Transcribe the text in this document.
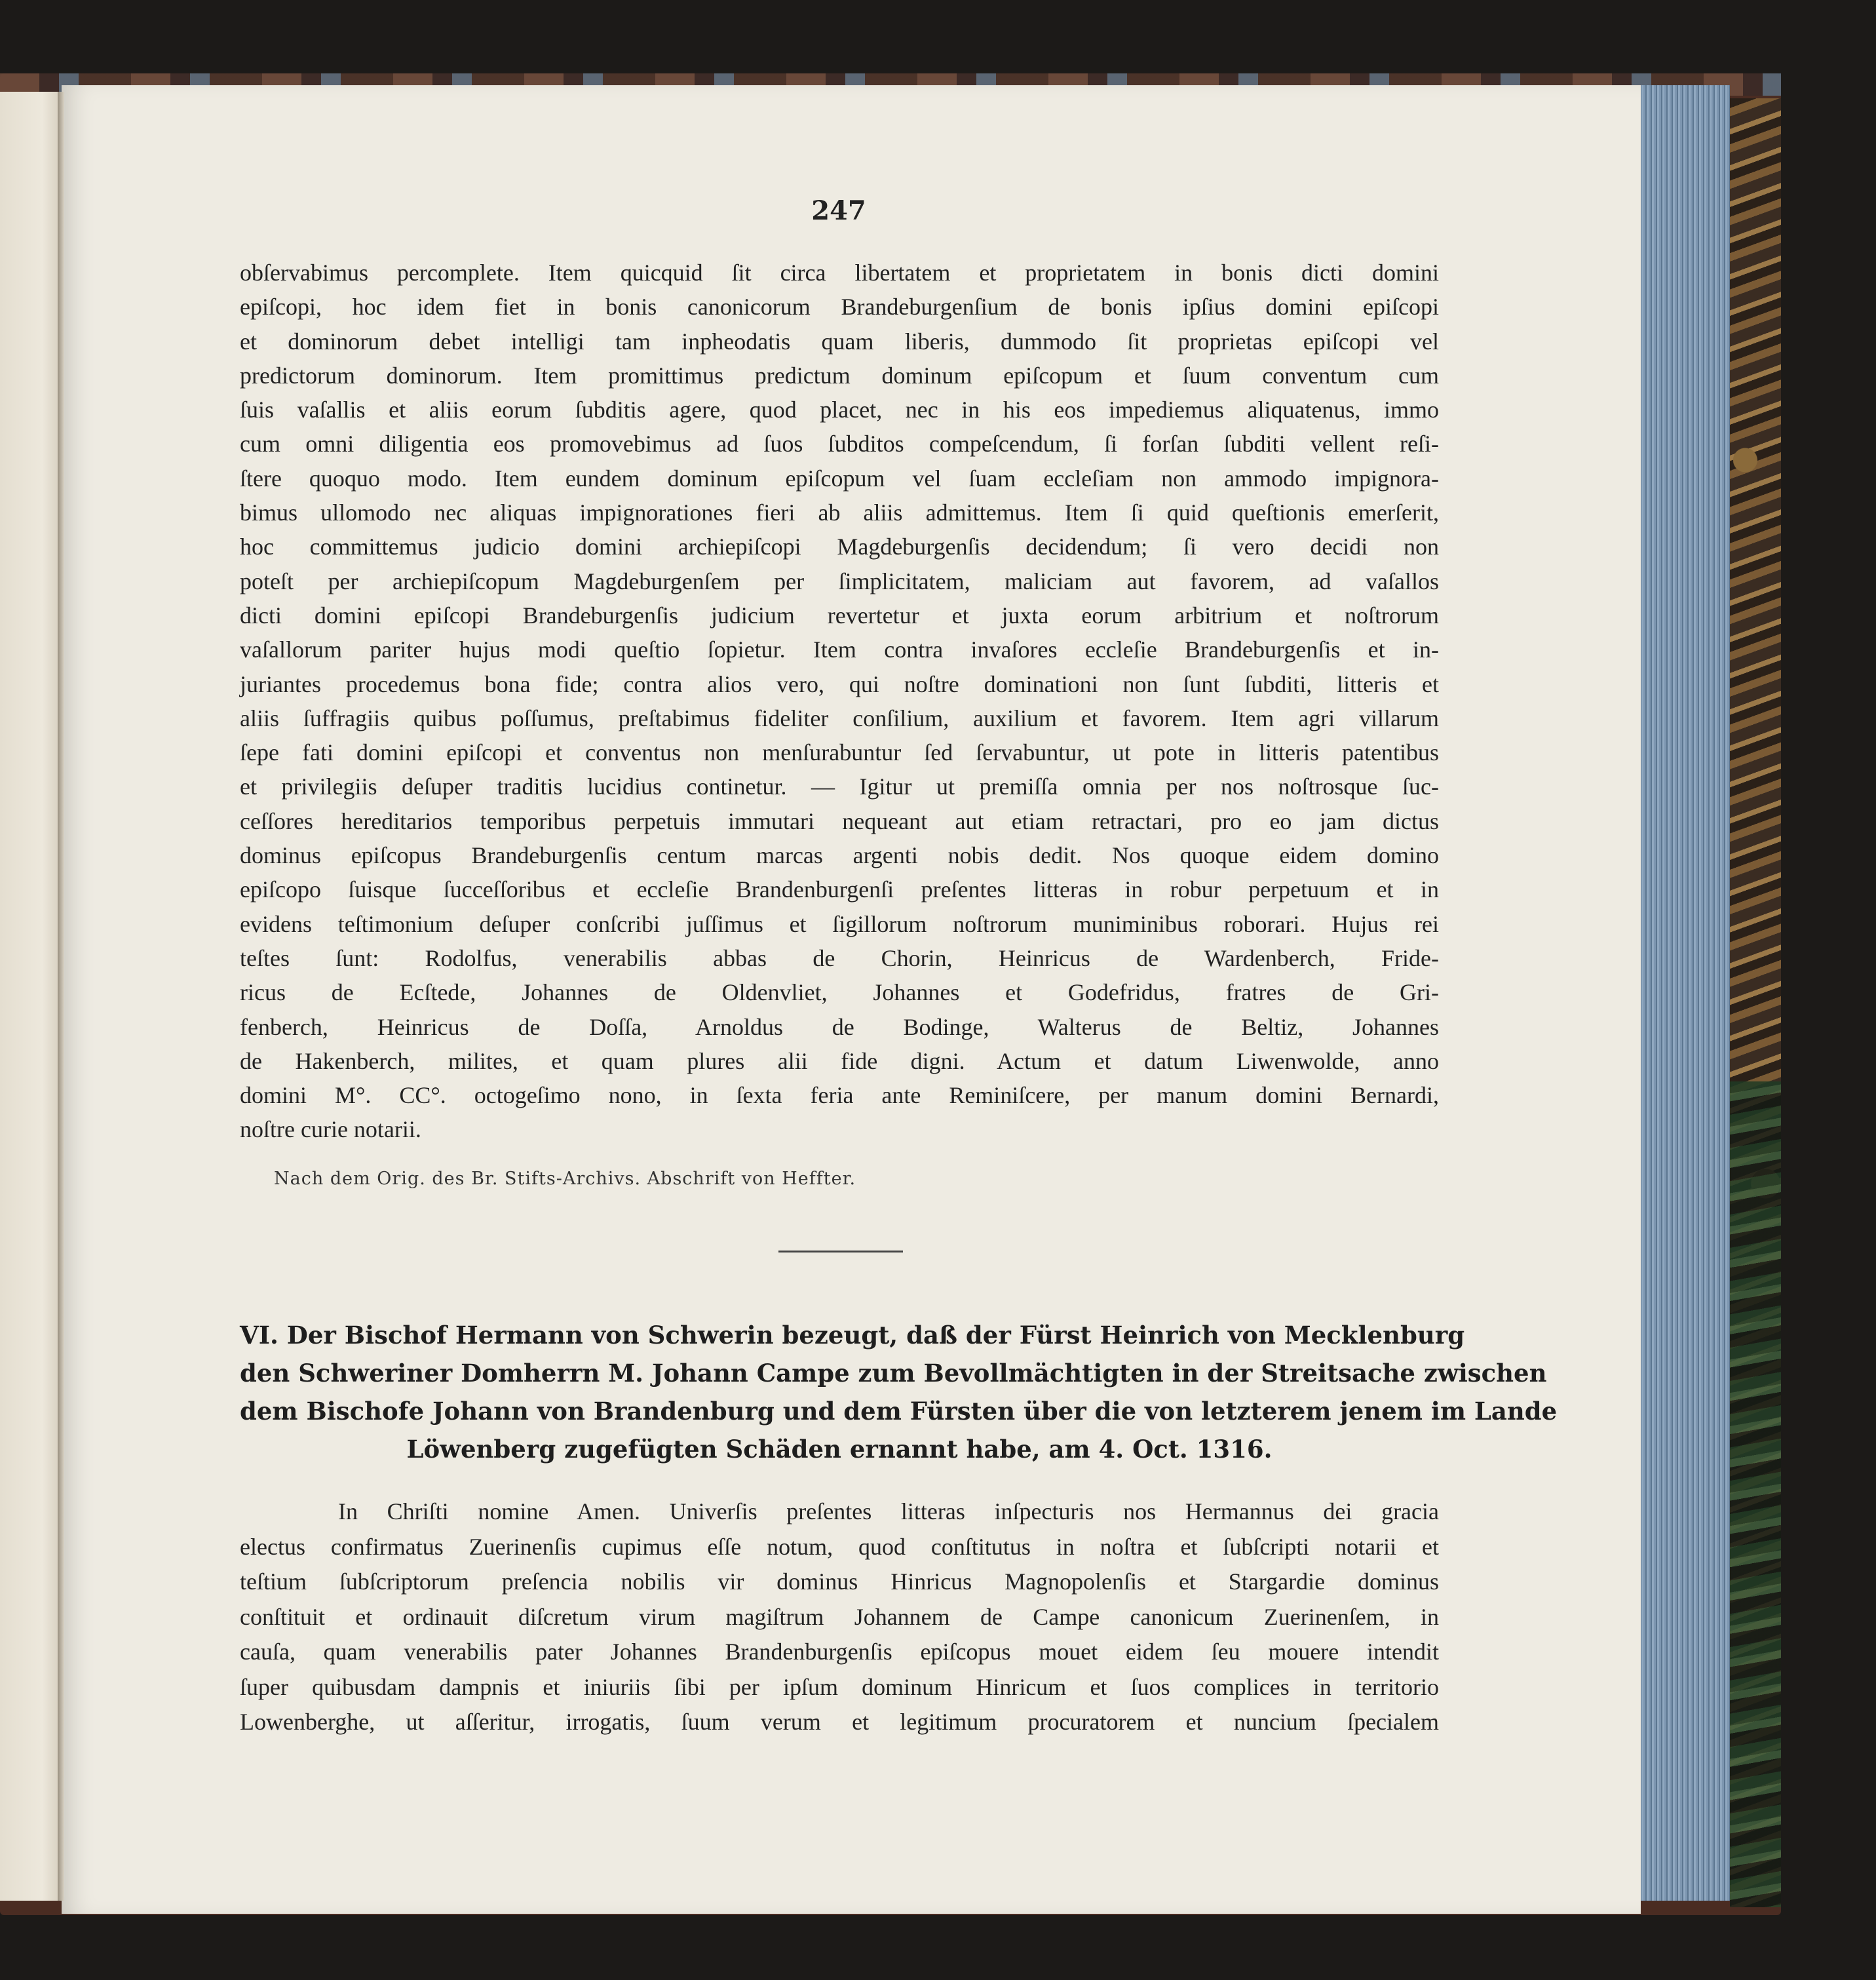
247
obſervabimus percomplete. Item quicquid ſit circa libertatem et proprietatem in bonis dicti domini
epiſcopi, hoc idem fiet in bonis canonicorum Brandeburgenſium de bonis ipſius domini epiſcopi
et dominorum debet intelligi tam inpheodatis quam liberis, dummodo ſit proprietas epiſcopi vel
predictorum dominorum. Item promittimus predictum dominum epiſcopum et ſuum conventum cum
ſuis vaſallis et aliis eorum ſubditis agere, quod placet, nec in his eos impediemus aliquatenus, immo
cum omni diligentia eos promovebimus ad ſuos ſubditos compeſcendum, ſi forſan ſubditi vellent reſi-
ſtere quoquo modo. Item eundem dominum epiſcopum vel ſuam eccleſiam non ammodo impignora-
bimus ullomodo nec aliquas impignorationes fieri ab aliis admittemus. Item ſi quid queſtionis emerſerit,
hoc committemus judicio domini archiepiſcopi Magdeburgenſis decidendum; ſi vero decidi non
poteſt per archiepiſcopum Magdeburgenſem per ſimplicitatem, maliciam aut favorem, ad vaſallos
dicti domini epiſcopi Brandeburgenſis judicium revertetur et juxta eorum arbitrium et noſtrorum
vaſallorum pariter hujus modi queſtio ſopietur. Item contra invaſores eccleſie Brandeburgenſis et in-
juriantes procedemus bona fide; contra alios vero, qui noſtre dominationi non ſunt ſubditi, litteris et
aliis ſuffragiis quibus poſſumus, preſtabimus fideliter conſilium, auxilium et favorem. Item agri villarum
ſepe fati domini epiſcopi et conventus non menſurabuntur ſed ſervabuntur, ut pote in litteris patentibus
et privilegiis deſuper traditis lucidius continetur. — Igitur ut premiſſa omnia per nos noſtrosque ſuc-
ceſſores hereditarios temporibus perpetuis immutari nequeant aut etiam retractari, pro eo jam dictus
dominus epiſcopus Brandeburgenſis centum marcas argenti nobis dedit. Nos quoque eidem domino
epiſcopo ſuisque ſucceſſoribus et eccleſie Brandenburgenſi preſentes litteras in robur perpetuum et in
evidens teſtimonium deſuper conſcribi juſſimus et ſigillorum noſtrorum muniminibus roborari. Hujus rei
teſtes ſunt: Rodolfus, venerabilis abbas de Chorin, Heinricus de Wardenberch, Fride-
ricus de Ecſtede, Johannes de Oldenvliet, Johannes et Godefridus, fratres de Gri-
fenberch, Heinricus de Doſſa, Arnoldus de Bodinge, Walterus de Beltiz, Johannes
de Hakenberch, milites, et quam plures alii fide digni. Actum et datum Liwenwolde, anno
domini M°. CC°. octogeſimo nono, in ſexta feria ante Reminiſcere, per manum domini Bernardi,
noſtre curie notarii.
Nach dem Orig. des Br. Stifts-Archivs. Abschrift von Heffter.
VI. Der Bischof Hermann von Schwerin bezeugt, daß der Fürst Heinrich von Mecklenburg
den Schweriner Domherrn M. Johann Campe zum Bevollmächtigten in der Streitsache zwischen
dem Bischofe Johann von Brandenburg und dem Fürsten über die von letzterem jenem im Lande
Löwenberg zugefügten Schäden ernannt habe, am 4. Oct. 1316.
In Chriſti nomine Amen. Univerſis preſentes litteras inſpecturis nos Hermannus dei gracia
electus confirmatus Zuerinenſis cupimus eſſe notum, quod conſtitutus in noſtra et ſubſcripti notarii et
teſtium ſubſcriptorum preſencia nobilis vir dominus Hinricus Magnopolenſis et Stargardie dominus
conſtituit et ordinauit diſcretum virum magiſtrum Johannem de Campe canonicum Zuerinenſem, in
cauſa, quam venerabilis pater Johannes Brandenburgenſis epiſcopus mouet eidem ſeu mouere intendit
ſuper quibusdam dampnis et iniuriis ſibi per ipſum dominum Hinricum et ſuos complices in territorio
Lowenberghe, ut aſſeritur, irrogatis, ſuum verum et legitimum procuratorem et nuncium ſpecialem
